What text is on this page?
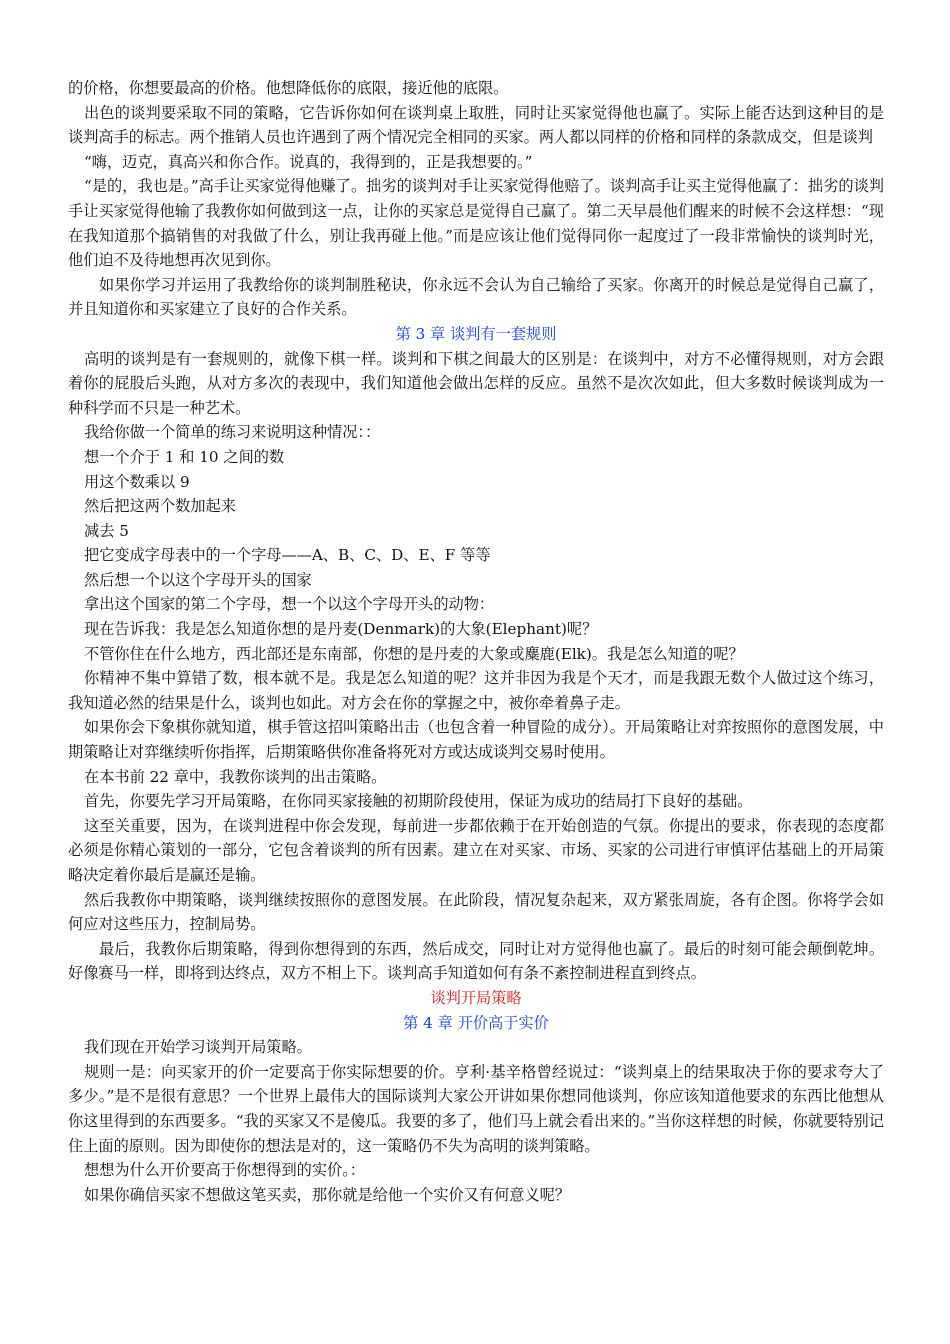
的价格，你想要最高的价格。他想降低你的底限，接近他的底限。

出色的谈判要采取不同的策略，它告诉你如何在谈判桌上取胜，同时让买家觉得他也赢了。实际上能否达到这种目的是谈判高手的标志。两个推销人员也许遇到了两个情况完全相同的买家。两人都以同样的价格和同样的条款成交，但是谈判

“嗨，迈克，真高兴和你合作。说真的，我得到的，正是我想要的。”

“是的，我也是。”高手让买家觉得他赚了。拙劣的谈判对手让买家觉得他赔了。谈判高手让买主觉得他赢了：拙劣的谈判手让买家觉得他输了我教你如何做到这一点，让你的买家总是觉得自己赢了。第二天早晨他们醒来的时候不会这样想：“现在我知道那个搞销售的对我做了什么，别让我再碰上他。”而是应该让他们觉得同你一起度过了一段非常愉快的谈判时光，他们迫不及待地想再次见到你。

如果你学习并运用了我教给你的谈判制胜秘诀，你永远不会认为自己输给了买家。你离开的时候总是觉得自己赢了，并且知道你和买家建立了良好的合作关系。

第 3 章 谈判有一套规则

高明的谈判是有一套规则的，就像下棋一样。谈判和下棋之间最大的区别是：在谈判中，对方不必懂得规则，对方会跟着你的屁股后头跑，从对方多次的表现中，我们知道他会做出怎样的反应。虽然不是次次如此，但大多数时候谈判成为一种科学而不只是一种艺术。

我给你做一个简单的练习来说明这种情况：：

想一个介于 1 和 10 之间的数

用这个数乘以 9

然后把这两个数加起来

减去 5

把它变成字母表中的一个字母——A、B、C、D、E、F 等等

然后想一个以这个字母开头的国家

拿出这个国家的第二个字母，想一个以这个字母开头的动物：

现在告诉我：我是怎么知道你想的是丹麦(Denmark)的大象(Elephant)呢？

不管你住在什么地方，西北部还是东南部，你想的是丹麦的大象或麋鹿(Elk)。我是怎么知道的呢？

你精神不集中算错了数，根本就不是。我是怎么知道的呢？这并非因为我是个天才，而是我跟无数个人做过这个练习，我知道必然的结果是什么，谈判也如此。对方会在你的掌握之中，被你牵着鼻子走。

如果你会下象棋你就知道，棋手管这招叫策略出击（也包含着一种冒险的成分）。开局策略让对弈按照你的意图发展，中期策略让对弈继续听你指挥，后期策略供你准备将死对方或达成谈判交易时使用。

在本书前 22 章中，我教你谈判的出击策略。

首先，你要先学习开局策略，在你同买家接触的初期阶段使用，保证为成功的结局打下良好的基础。

这至关重要，因为，在谈判进程中你会发现，每前进一步都依赖于在开始创造的气氛。你提出的要求，你表现的态度都必须是你精心策划的一部分，它包含着谈判的所有因素。建立在对买家、市场、买家的公司进行审慎评估基础上的开局策略决定着你最后是赢还是输。

然后我教你中期策略，谈判继续按照你的意图发展。在此阶段，情况复杂起来，双方紧张周旋，各有企图。你将学会如何应对这些压力，控制局势。

最后，我教你后期策略，得到你想得到的东西，然后成交，同时让对方觉得他也赢了。最后的时刻可能会颠倒乾坤。好像赛马一样，即将到达终点，双方不相上下。谈判高手知道如何有条不紊控制进程直到终点。

谈判开局策略

第 4 章 开价高于实价

我们现在开始学习谈判开局策略。

规则一是：向买家开的价一定要高于你实际想要的价。亨利·基辛格曾经说过：“谈判桌上的结果取决于你的要求夸大了多少。”是不是很有意思？一个世界上最伟大的国际谈判大家公开讲如果你想同他谈判，你应该知道他要求的东西比他想从你这里得到的东西要多。“我的买家又不是傻瓜。我要的多了，他们马上就会看出来的。”当你这样想的时候，你就要特别记住上面的原则。因为即使你的想法是对的，这一策略仍不失为高明的谈判策略。

想想为什么开价要高于你想得到的实价。：

如果你确信买家不想做这笔买卖，那你就是给他一个实价又有何意义呢？
